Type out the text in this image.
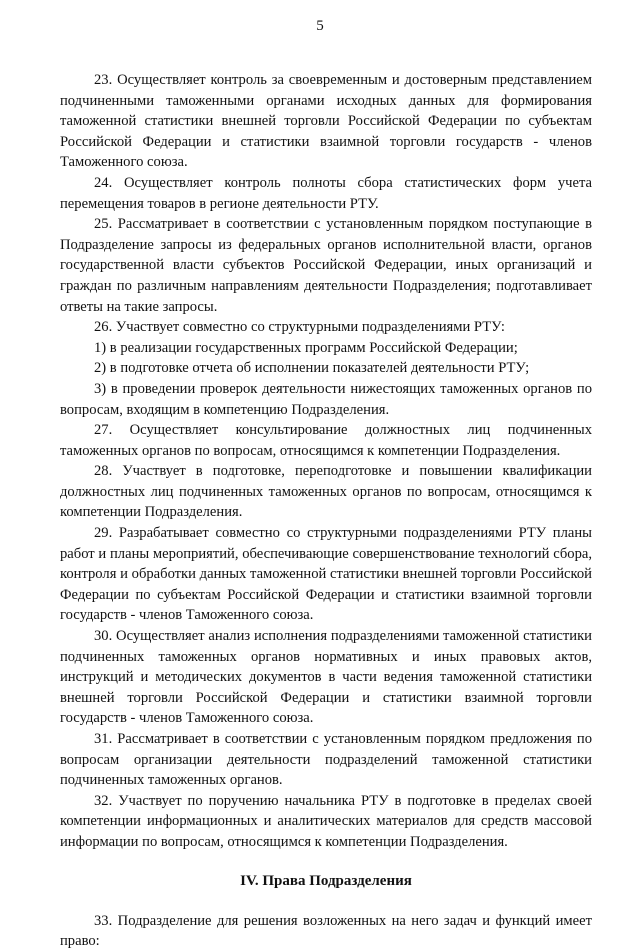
5

23. Осуществляет контроль за своевременным и достоверным представлением подчиненными таможенными органами исходных данных для формирования таможенной статистики внешней торговли Российской Федерации по субъектам Российской Федерации и статистики взаимной торговли государств - членов Таможенного союза.

24. Осуществляет контроль полноты сбора статистических форм учета перемещения товаров в регионе деятельности РТУ.

25. Рассматривает в соответствии с установленным порядком поступающие в Подразделение запросы из федеральных органов исполнительной власти, органов государственной власти субъектов Российской Федерации, иных организаций и граждан по различным направлениям деятельности Подразделения; подготавливает ответы на такие запросы.

26. Участвует совместно со структурными подразделениями РТУ:

1) в реализации государственных программ Российской Федерации;

2) в подготовке отчета об исполнении показателей деятельности РТУ;

3) в проведении проверок деятельности нижестоящих таможенных органов по вопросам, входящим в компетенцию Подразделения.

27. Осуществляет консультирование должностных лиц подчиненных таможенных органов по вопросам, относящимся к компетенции Подразделения.

28. Участвует в подготовке, переподготовке и повышении квалификации должностных лиц подчиненных таможенных органов по вопросам, относящимся к компетенции Подразделения.

29. Разрабатывает совместно со структурными подразделениями РТУ планы работ и планы мероприятий, обеспечивающие совершенствование технологий сбора, контроля и обработки данных таможенной статистики внешней торговли Российской Федерации по субъектам Российской Федерации и статистики взаимной торговли государств - членов Таможенного союза.

30. Осуществляет анализ исполнения подразделениями таможенной статистики подчиненных таможенных органов нормативных и иных правовых актов, инструкций и методических документов в части ведения таможенной статистики внешней торговли Российской Федерации и статистики взаимной торговли государств - членов Таможенного союза.

31. Рассматривает в соответствии с установленным порядком предложения по вопросам организации деятельности подразделений таможенной статистики подчиненных таможенных органов.

32. Участвует по поручению начальника РТУ в подготовке в пределах своей компетенции информационных и аналитических материалов для средств массовой информации по вопросам, относящимся к компетенции Подразделения.

IV. Права Подразделения

33. Подразделение для решения возложенных на него задач и функций имеет право:
